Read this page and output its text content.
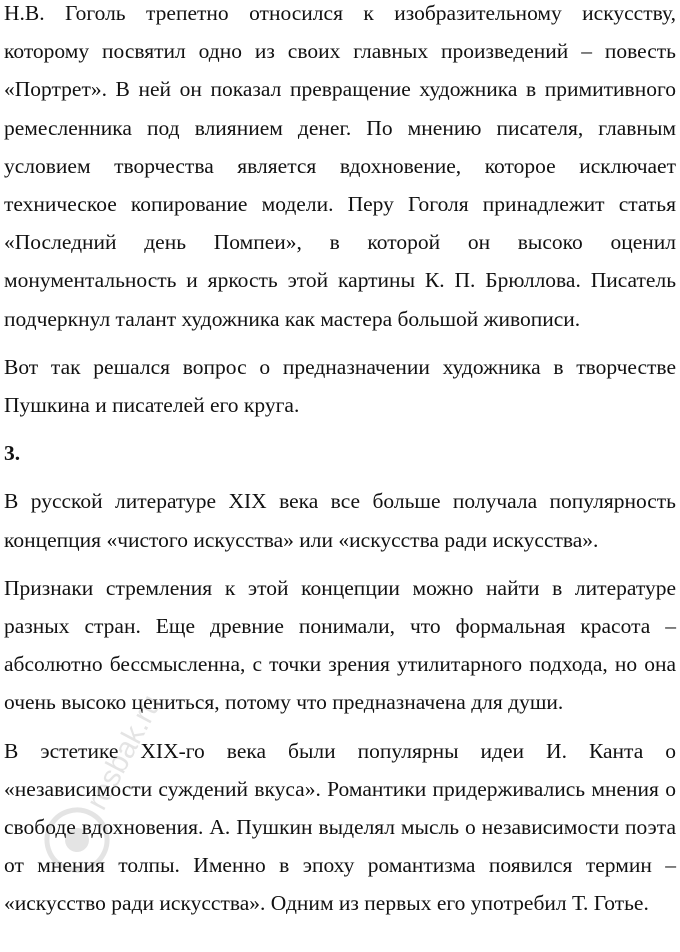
Н.В. Гоголь трепетно относился к изобразительному искусству, которому посвятил одно из своих главных произведений – повесть «Портрет». В ней он показал превращение художника в примитивного ремесленника под влиянием денег. По мнению писателя, главным условием творчества является вдохновение, которое исключает техническое копирование модели. Перу Гоголя принадлежит статья «Последний день Помпеи», в которой он высоко оценил монументальность и яркость этой картины К. П. Брюллова. Писатель подчеркнул талант художника как мастера большой живописи.

Вот так решался вопрос о предназначении художника в творчестве Пушкина и писателей его круга.

3.

В русской литературе XIX века все больше получала популярность концепция «чистого искусства» или «искусства ради искусства».

Признаки стремления к этой концепции можно найти в литературе разных стран. Еще древние понимали, что формальная красота – абсолютно бессмысленна, с точки зрения утилитарного подхода, но она очень высоко цениться, потому что предназначена для души.

В эстетике XIX-го века были популярны идеи И. Канта о «независимости суждений вкуса». Романтики придерживались мнения о свободе вдохновения. А. Пушкин выделял мысль о независимости поэта от мнения толпы. Именно в эпоху романтизма появился термин – «искусство ради искусства». Одним из первых его употребил Т. Готье.

resbak.ru
